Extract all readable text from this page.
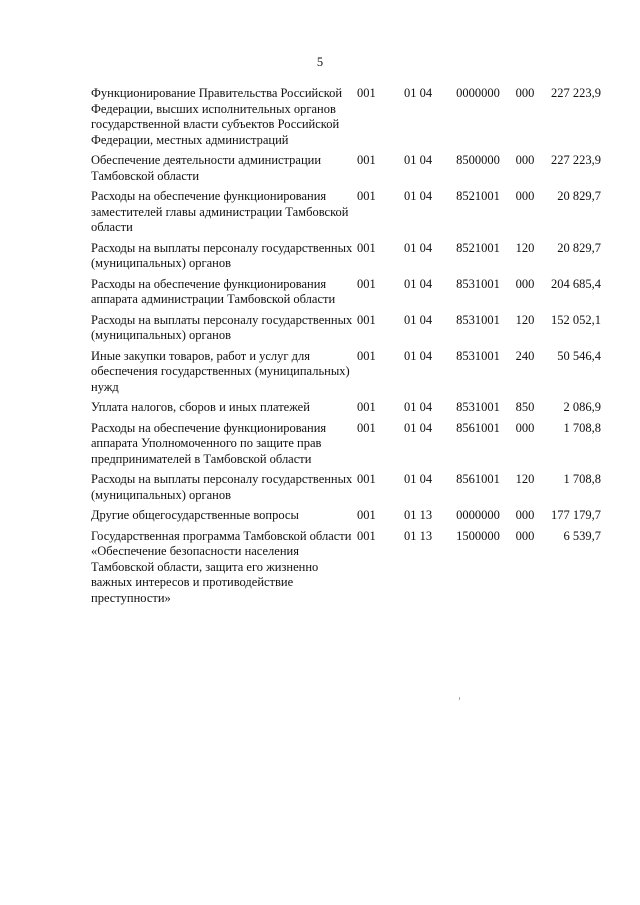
5
Функционирование Правительства Российской Федерации, высших исполнительных органов государственной власти субъектов Российской Федерации, местных администраций
001	01 04	0000000	000	227 223,9
Обеспечение деятельности администрации Тамбовской области
001	01 04	8500000	000	227 223,9
Расходы на обеспечение функционирования заместителей главы администрации Тамбовской области
001	01 04	8521001	000	20 829,7
Расходы на выплаты персоналу государственных (муниципальных) органов
001	01 04	8521001	120	20 829,7
Расходы на обеспечение функционирования аппарата администрации Тамбовской области
001	01 04	8531001	000	204 685,4
Расходы на выплаты персоналу государственных (муниципальных) органов
001	01 04	8531001	120	152 052,1
Иные закупки товаров, работ и услуг для обеспечения государственных (муниципальных) нужд
001	01 04	8531001	240	50 546,4
Уплата налогов, сборов и иных платежей	001	01 04	8531001	850	2 086,9
Расходы на обеспечение функционирования аппарата Уполномоченного по защите прав предпринимателей в Тамбовской области
001	01 04	8561001	000	1 708,8
Расходы на выплаты персоналу государственных (муниципальных) органов
001	01 04	8561001	120	1 708,8
Другие общегосударственные вопросы	001	01 13	0000000	000	177 179,7
Государственная программа Тамбовской области «Обеспечение безопасности населения Тамбовской области, защита его жизненно важных интересов и противодействие преступности»
001	01 13	1500000	000	6 539,7
